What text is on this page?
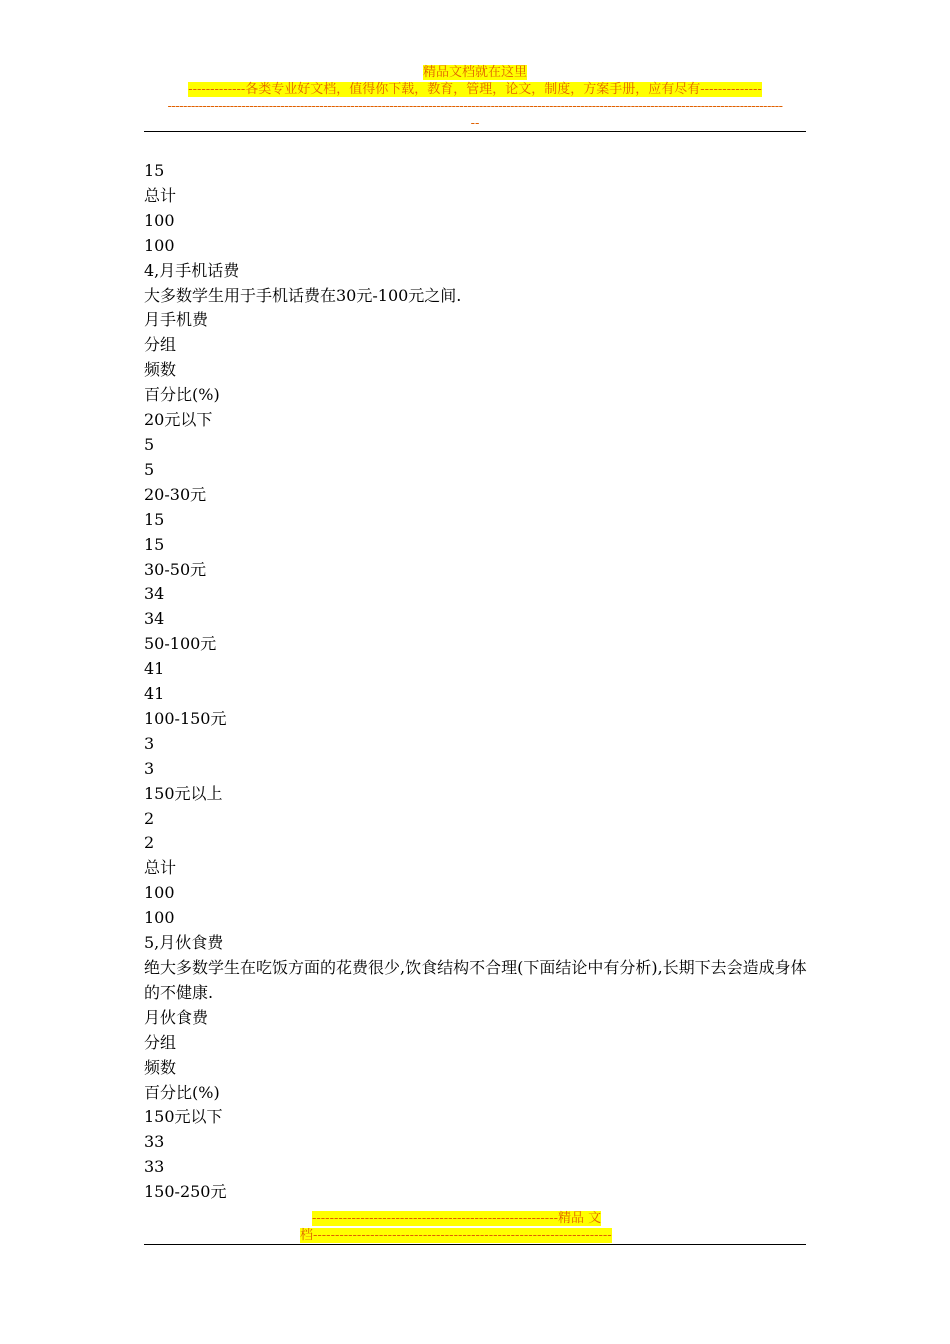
精品文档就在这里
-------------各类专业好文档，值得你下载，教育，管理，论文，制度，方案手册，应有尽有--------------
--------------------------------------------------------------------------------------------------------------------------------------------------------------
--

15

总计

100

100

4,月手机话费

大多数学生用于手机话费在30元-100元之间.

月手机费

分组

频数

百分比(%)

20元以下

5

5

20-30元

15

15

30-50元

34

34

50-100元

41

41

100-150元

3

3

150元以上

2

2

总计

100

100

5,月伙食费

绝大多数学生在吃饭方面的花费很少,饮食结构不合理(下面结论中有分析),长期下去会造成身体的不健康.

月伙食费

分组

频数

百分比(%)

150元以下

33

33

150-250元

--------------------------------------------------------精品 文
档--------------------------------------------------------------------
